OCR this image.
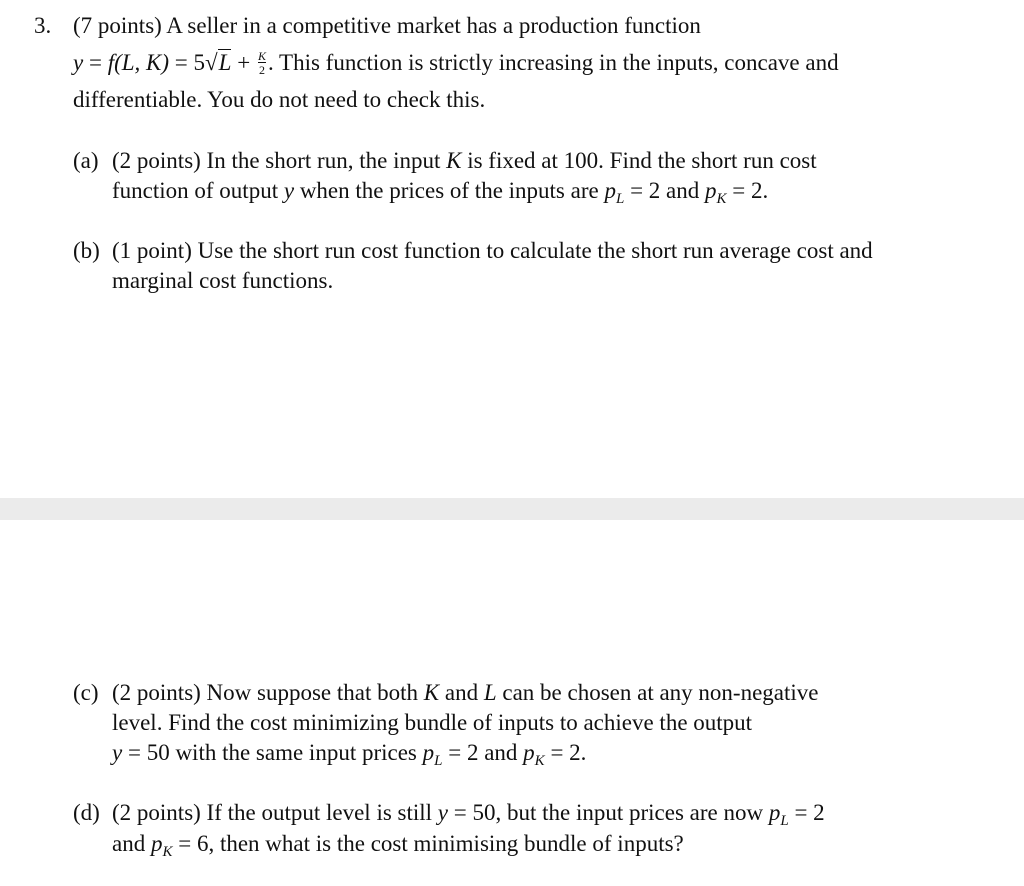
3. (7 points) A seller in a competitive market has a production function
y = f(L, $K) = 5√L + \frac{K}{2}$ . This function is strictly increasing in the inputs, concave and
differentiable. You do not need to check this.
(a) (2 points) In the short run, the input K is fixed at 100. Find the short run cost
function of output y when the prices of the inputs are $p_L = 2$ and $p_K = 2$.
(b) (1 point) Use the short run cost function to calculate the short run average cost and
marginal cost functions.
(c) (2 points) Now suppose that both K and L can be chosen at any non-negative
level. Find the cost minimizing bundle of inputs to achieve the output
y = 50 with the same input prices $p_L = 2$ and $p_K = 2$.
(d) (2 points) If the output level is still y = 50, but the input prices are now $p_L = 2$
and $p_K = 6$, then what is the cost minimising bundle of inputs?
